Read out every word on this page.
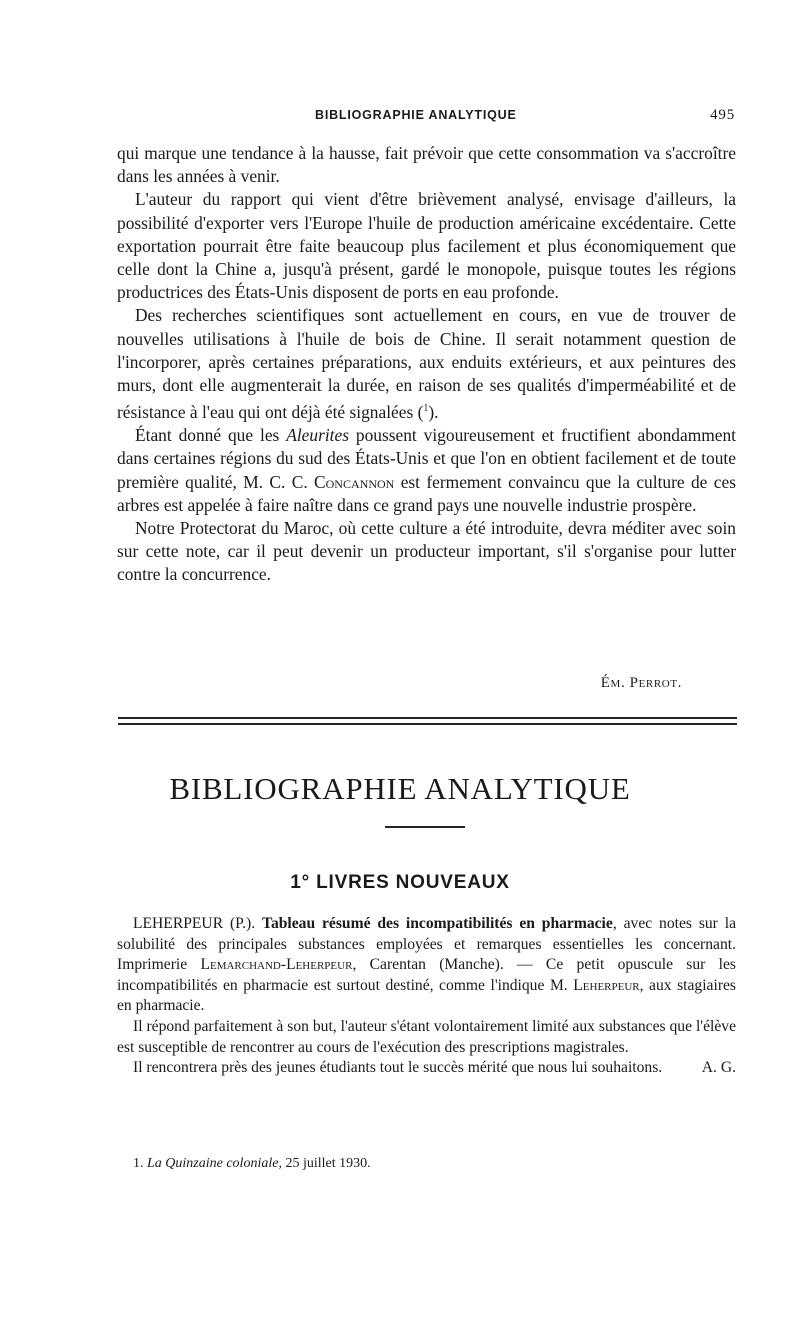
BIBLIOGRAPHIE ANALYTIQUE	495

qui marque une tendance à la hausse, fait prévoir que cette consommation va s'accroître dans les années à venir.

L'auteur du rapport qui vient d'être brièvement analysé, envisage d'ailleurs, la possibilité d'exporter vers l'Europe l'huile de production américaine excédentaire. Cette exportation pourrait être faite beaucoup plus facilement et plus économiquement que celle dont la Chine a, jusqu'à présent, gardé le monopole, puisque toutes les régions productrices des États-Unis disposent de ports en eau profonde.

Des recherches scientifiques sont actuellement en cours, en vue de trouver de nouvelles utilisations à l'huile de bois de Chine. Il serait notamment question de l'incorporer, après certaines préparations, aux enduits extérieurs, et aux peintures des murs, dont elle augmenterait la durée, en raison de ses qualités d'imperméabilité et de résistance à l'eau qui ont déjà été signalées ($^1$).

Étant donné que les Aleurites poussent vigoureusement et fructifient abondamment dans certaines régions du sud des États-Unis et que l'on en obtient facilement et de toute première qualité, M. C. C. Concannon est fermement convaincu que la culture de ces arbres est appelée à faire naître dans ce grand pays une nouvelle industrie prospère.

Notre Protectorat du Maroc, où cette culture a été introduite, devra méditer avec soin sur cette note, car il peut devenir un producteur important, s'il s'organise pour lutter contre la concurrence.

Ém. Perrot.
BIBLIOGRAPHIE ANALYTIQUE
1° LIVRES NOUVEAUX

LEHERPEUR (P.). Tableau résumé des incompatibilités en pharmacie, avec notes sur la solubilité des principales substances employées et remarques essentielles les concernant. Imprimerie Lemarchand-Leherpeur, Carentan (Manche). — Ce petit opuscule sur les incompatibilités en pharmacie est surtout destiné, comme l'indique M. Leherpeur, aux stagiaires en pharmacie.

Il répond parfaitement à son but, l'auteur s'étant volontairement limité aux substances que l'élève est susceptible de rencontrer au cours de l'exécution des prescriptions magistrales.

Il rencontrera près des jeunes étudiants tout le succès mérité que nous lui souhaitons.	A. G.

1. La Quinzaine coloniale, 25 juillet 1930.
